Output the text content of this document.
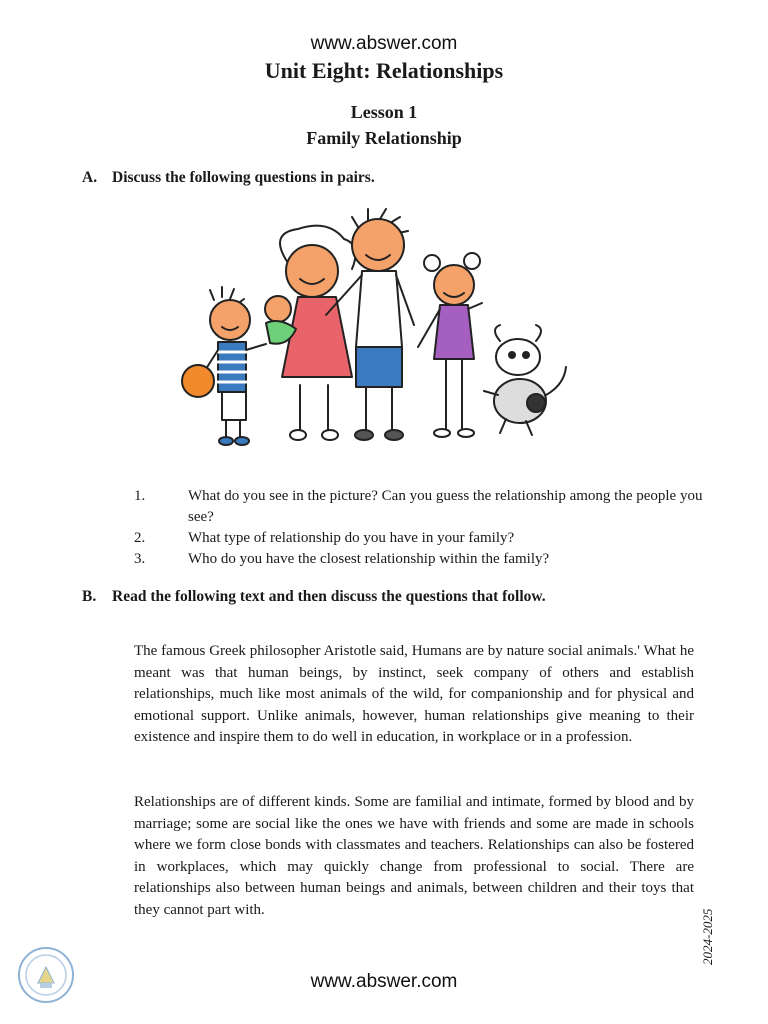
www.abswer.com
Unit Eight: Relationships
Lesson 1
Family Relationship
A. Discuss the following questions in pairs.
1.	What do you see in the picture? Can you guess the relationship among the people you see?
2.	What type of relationship do you have in your family?
3.	Who do you have the closest relationship within the family?
B. Read the following text and then discuss the questions that follow.

The famous Greek philosopher Aristotle said, Humans are by nature social animals.' What he meant was that human beings, by instinct, seek company of others and establish relationships, much like most animals of the wild, for companionship and for physical and emotional support. Unlike animals, however, human relationships give meaning to their existence and inspire them to do well in education, in workplace or in a profession.

Relationships are of different kinds. Some are familial and intimate, formed by blood and by marriage; some are social like the ones we have with friends and some are made in schools where we form close bonds with classmates and teachers. Relationships can also be fostered in workplaces, which may quickly change from professional to social. There are relationships also between human beings and animals, between children and their toys that they cannot part with.	2024-2025
www.abswer.com
